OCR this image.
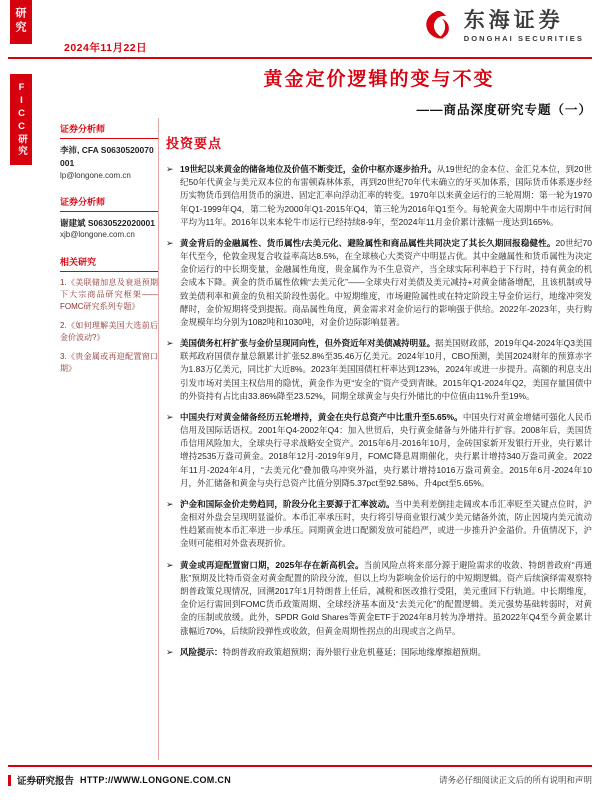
研究
2024年11月22日
东海证券
DONGHAI SECURITIES
FICC研究	证券分析师
李沛, CFA S0630520070001
lp@longone.com.cn
证券分析师
谢建斌 S0630522020001
xjb@longone.com.cn
相关研究
1.《美联储加息及衰退预期下大宗商品研究框架——FOMC研究系列专题》
2.《如何理解美国大选前后金价波动?》
3.《贵金属或再迎配置窗口期》
黄金定价逻辑的变与不变
——商品深度研究专题（一）
投资要点
➢ 19世纪以来黄金的储备地位及价值不断变迁，金价中枢亦逐步抬升。从19世纪的金本位、金汇兑本位，到20世纪50年代黄金与美元双本位的布雷顿森林体系，再到20世纪70年代末确立的牙买加体系，国际货币体系逐步经历实物货币到信用货币的演进、固定汇率向浮动汇率的转变。1970年以来黄金运行的三轮周期：第一轮为1970年Q1-1999年Q4，第二轮为2000年Q1-2015年Q4，第三轮为2016年Q1至今。每轮黄金大周期中牛市运行时间平均为11年。2016年以来本轮牛市运行已经持续8-9年，至2024年11月金价累计涨幅一度达到165%。
➢ 黄金背后的金融属性、货币属性/去美元化、避险属性和商品属性共同决定了其长久期回报稳健性。20世纪70年代至今，伦敦金现复合收益率高达8.5%，在全球核心大类资产中明显占优。其中金融属性和货币属性为决定金价运行的中长期变量，金融属性角度，贵金属作为不生息资产，当全球实际利率趋于下行时，持有黄金的机会成本下降。黄金的货币属性依赖“去美元化”——全球央行对美债及美元减持+对黄金储备增配，且该机制或导致美债利率和黄金的负相关阶段性弱化。中短期维度，市场避险属性或在特定阶段主导金价运行，地缘冲突发酵时，金价短期将受到提振。商品属性角度，黄金需求对金价运行的影响强于供给。2022年-2023年，央行购金规模年均分别为1082吨和1030吨，对金价边际影响显著。
➢ 美国债务杠杆扩张与金价呈现同向性，但外资近年对美债减持明显。据美国财政部，2019年Q4-2024年Q3美国联邦政府国债存量总额累计扩张52.8%至35.46万亿美元。2024年10月，CBO预测，美国2024财年的预算赤字为1.83万亿美元，同比扩大近8%。2023年美国国债杠杆率达到123%，2024年或进一步提升。高额的利息支出引发市场对美国主权信用的隐忧，黄金作为更“安全的”资产受到青睐。2015年Q1-2024年Q2，美国存量国债中的外资持有占比由33.86%降至23.52%，同期全球黄金与央行外储比的中位值由11%升至19%。
➢ 中国央行对黄金储备经历五轮增持，黄金在央行总资产中比重升至5.65%。中国央行对黄金增储可强化人民币信用及国际话语权。2001年Q4-2002年Q4：加入世贸后，央行黄金储备与外储并行扩容。2008年后，美国货币信用风险加大，全球央行寻求战略安全资产。2015年6月-2016年10月，金砖国家新开发银行开业，央行累计增持2535万盎司黄金。2018年12月-2019年9月，FOMC降息周期催化，央行累计增持340万盎司黄金。2022年11月-2024年4月，“去美元化”叠加俄乌冲突外溢，央行累计增持1016万盎司黄金。2015年6月-2024年10月，外汇储备和黄金与央行总资产比值分别降5.37pct至92.58%、升4pct至5.65%。
➢ 沪金和国际金价走势趋同，阶段分化主要源于汇率波动。当中美利差倒挂走阔或本币汇率贬至关键点位时，沪金相对外盘会呈现明显溢价。本币汇率承压时，央行将引导商业银行减少美元储备外流，防止因境内美元流动性趋紧而使本币汇率进一步承压。同期黄金进口配额发放可能趋严，或进一步推升沪金溢价。升值情况下，沪金则可能相对外盘表现折价。
➢ 黄金或再迎配置窗口期，2025年存在新高机会。当前风险点将来部分源于避险需求的收敛、特朗普政府“再通胀”预期及比特币资金对黄金配置的阶段分流，但以上均为影响金价运行的中短期逻辑。资产后续演绎需观察特朗普政策兑现情况，回溯2017年1月特朗普上任后，减税和医改推行受阻，美元重回下行轨道。中长期维度，金价运行需回到FOMC货币政策周期、全球经济基本面及“去美元化”的配置逻辑。美元强势基础转弱时，对黄金的压制或放缓。此外，SPDR Gold Shares等黄金ETF于2024年8月转为净增持。虽2022年Q4至今黄金累计涨幅近70%，后续阶段弹性或收敛，但黄金周期性拐点的出现或言之尚早。
➢ 风险提示：特朗普政府政策超预期；海外银行业危机蔓延；国际地缘摩擦超预期。
证券研究报告 HTTP://WWW.LONGONE.COM.CN	请务必仔细阅读正文后的所有说明和声明
